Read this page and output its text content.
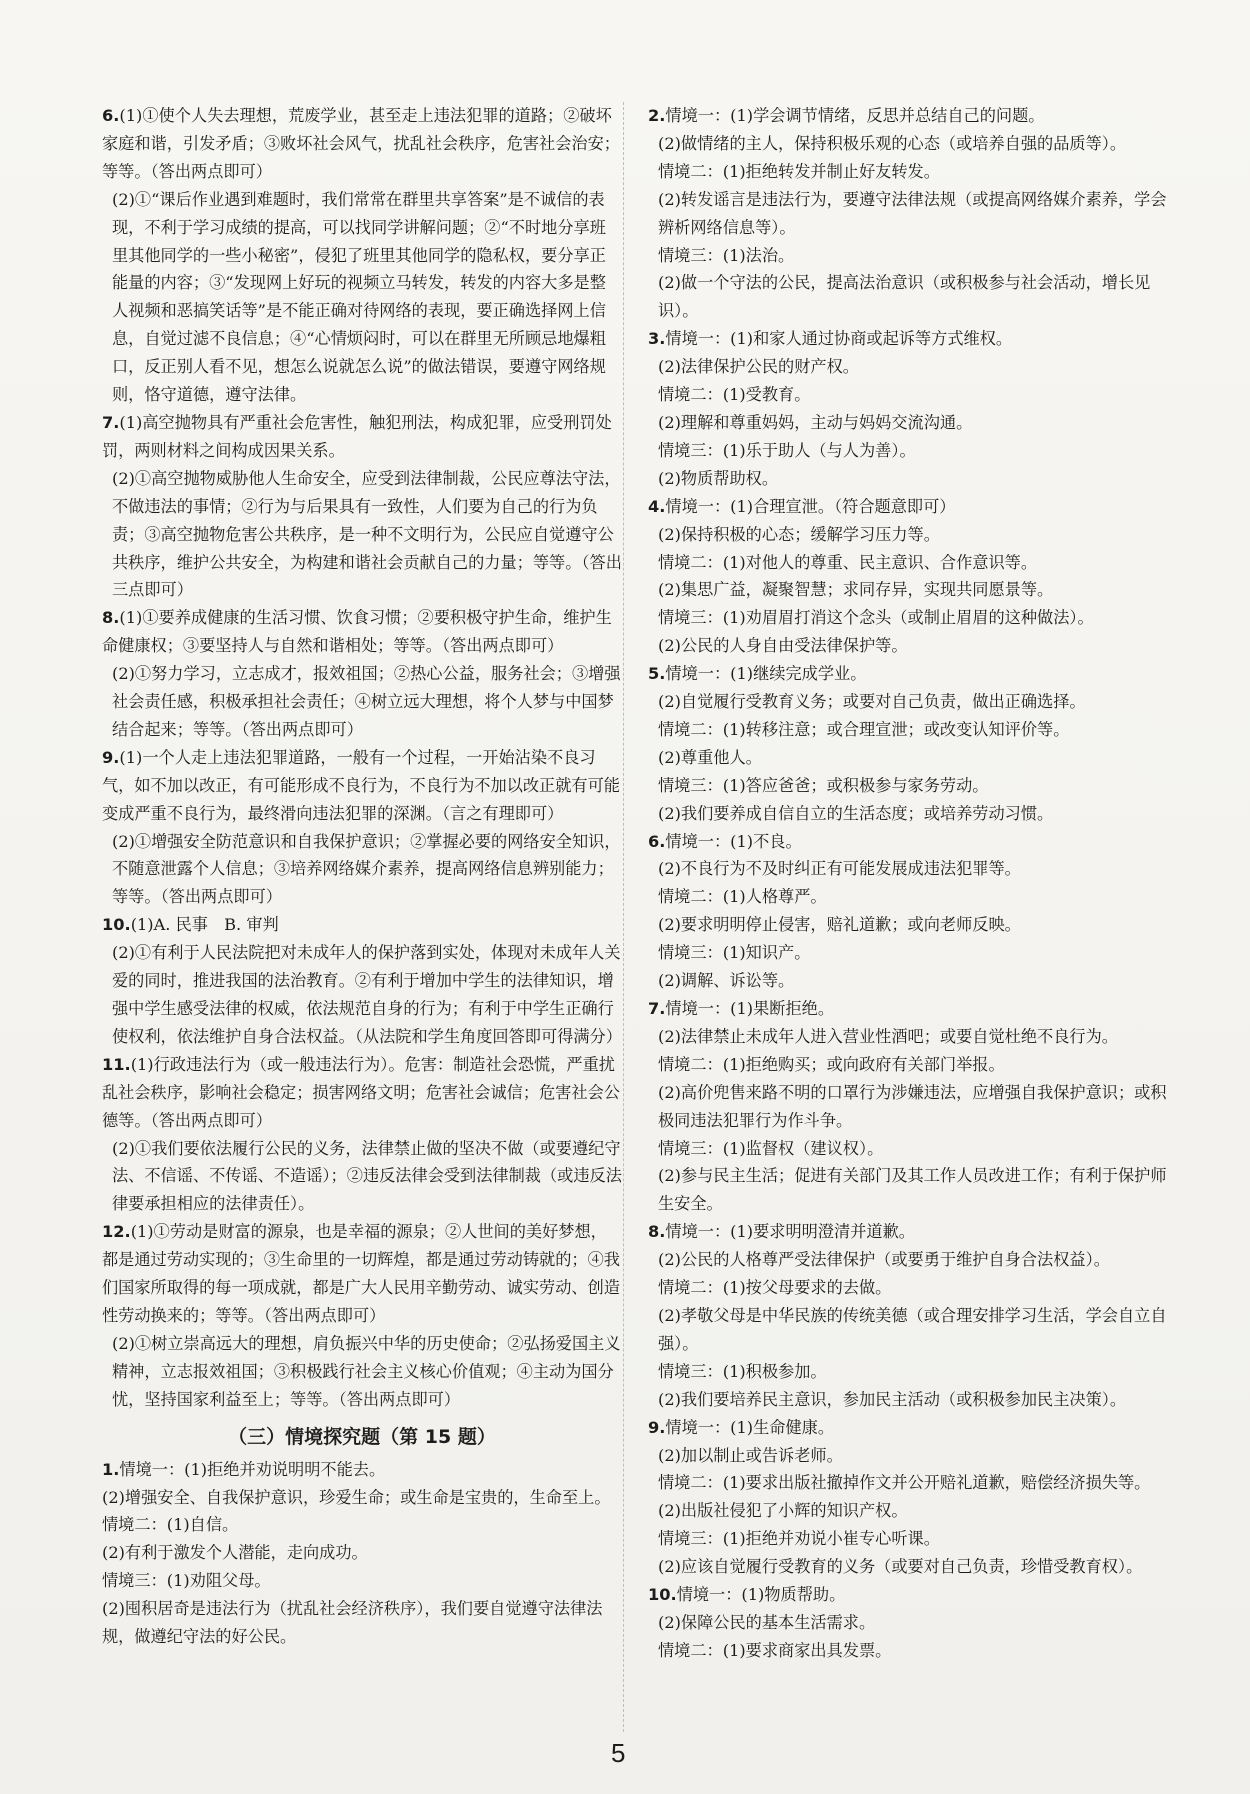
6.(1)①使个人失去理想，荒废学业，甚至走上违法犯罪的道路；②破坏家庭和谐，引发矛盾；③败坏社会风气，扰乱社会秩序，危害社会治安；等等。（答出两点即可）

(2)①“课后作业遇到难题时，我们常常在群里共享答案”是不诚信的表现，不利于学习成绩的提高，可以找同学讲解问题；②“不时地分享班里其他同学的一些小秘密”，侵犯了班里其他同学的隐私权，要分享正能量的内容；③“发现网上好玩的视频立马转发，转发的内容大多是整人视频和恶搞笑话等”是不能正确对待网络的表现，要正确选择网上信息，自觉过滤不良信息；④“心情烦闷时，可以在群里无所顾忌地爆粗口，反正别人看不见，想怎么说就怎么说”的做法错误，要遵守网络规则，恪守道德，遵守法律。

7.(1)高空抛物具有严重社会危害性，触犯刑法，构成犯罪，应受刑罚处罚，两则材料之间构成因果关系。

(2)①高空抛物威胁他人生命安全，应受到法律制裁，公民应尊法守法，不做违法的事情；②行为与后果具有一致性，人们要为自己的行为负责；③高空抛物危害公共秩序，是一种不文明行为，公民应自觉遵守公共秩序，维护公共安全，为构建和谐社会贡献自己的力量；等等。（答出三点即可）

8.(1)①要养成健康的生活习惯、饮食习惯；②要积极守护生命，维护生命健康权；③要坚持人与自然和谐相处；等等。（答出两点即可）

(2)①努力学习，立志成才，报效祖国；②热心公益，服务社会；③增强社会责任感，积极承担社会责任；④树立远大理想，将个人梦与中国梦结合起来；等等。（答出两点即可）

9.(1)一个人走上违法犯罪道路，一般有一个过程，一开始沾染不良习气，如不加以改正，有可能形成不良行为，不良行为不加以改正就有可能变成严重不良行为，最终滑向违法犯罪的深渊。（言之有理即可）

(2)①增强安全防范意识和自我保护意识；②掌握必要的网络安全知识，不随意泄露个人信息；③培养网络媒介素养，提高网络信息辨别能力；等等。（答出两点即可）

10.(1)A. 民事　B. 审判

(2)①有利于人民法院把对未成年人的保护落到实处，体现对未成年人关爱的同时，推进我国的法治教育。②有利于增加中学生的法律知识，增强中学生感受法律的权威，依法规范自身的行为；有利于中学生正确行使权利，依法维护自身合法权益。（从法院和学生角度回答即可得满分）

11.(1)行政违法行为（或一般违法行为）。危害：制造社会恐慌，严重扰乱社会秩序，影响社会稳定；损害网络文明；危害社会诚信；危害社会公德等。（答出两点即可）

(2)①我们要依法履行公民的义务，法律禁止做的坚决不做（或要遵纪守法、不信谣、不传谣、不造谣）；②违反法律会受到法律制裁（或违反法律要承担相应的法律责任）。

12.(1)①劳动是财富的源泉，也是幸福的源泉；②人世间的美好梦想，都是通过劳动实现的；③生命里的一切辉煌，都是通过劳动铸就的；④我们国家所取得的每一项成就，都是广大人民用辛勤劳动、诚实劳动、创造性劳动换来的；等等。（答出两点即可）

(2)①树立崇高远大的理想，肩负振兴中华的历史使命；②弘扬爱国主义精神，立志报效祖国；③积极践行社会主义核心价值观；④主动为国分忧，坚持国家利益至上；等等。（答出两点即可）

（三）情境探究题（第 15 题）

1.情境一：(1)拒绝并劝说明明不能去。

(2)增强安全、自我保护意识，珍爱生命；或生命是宝贵的，生命至上。

情境二：(1)自信。

(2)有利于激发个人潜能，走向成功。

情境三：(1)劝阻父母。

(2)囤积居奇是违法行为（扰乱社会经济秩序），我们要自觉遵守法律法规，做遵纪守法的好公民。

2.情境一：(1)学会调节情绪，反思并总结自己的问题。

(2)做情绪的主人，保持积极乐观的心态（或培养自强的品质等）。

情境二：(1)拒绝转发并制止好友转发。

(2)转发谣言是违法行为，要遵守法律法规（或提高网络媒介素养，学会辨析网络信息等）。

情境三：(1)法治。

(2)做一个守法的公民，提高法治意识（或积极参与社会活动，增长见识）。

3.情境一：(1)和家人通过协商或起诉等方式维权。

(2)法律保护公民的财产权。

情境二：(1)受教育。

(2)理解和尊重妈妈，主动与妈妈交流沟通。

情境三：(1)乐于助人（与人为善）。

(2)物质帮助权。

4.情境一：(1)合理宣泄。（符合题意即可）

(2)保持积极的心态；缓解学习压力等。

情境二：(1)对他人的尊重、民主意识、合作意识等。

(2)集思广益，凝聚智慧；求同存异，实现共同愿景等。

情境三：(1)劝眉眉打消这个念头（或制止眉眉的这种做法）。

(2)公民的人身自由受法律保护等。

5.情境一：(1)继续完成学业。

(2)自觉履行受教育义务；或要对自己负责，做出正确选择。

情境二：(1)转移注意；或合理宣泄；或改变认知评价等。

(2)尊重他人。

情境三：(1)答应爸爸；或积极参与家务劳动。

(2)我们要养成自信自立的生活态度；或培养劳动习惯。

6.情境一：(1)不良。

(2)不良行为不及时纠正有可能发展成违法犯罪等。

情境二：(1)人格尊严。

(2)要求明明停止侵害，赔礼道歉；或向老师反映。

情境三：(1)知识产。

(2)调解、诉讼等。

7.情境一：(1)果断拒绝。

(2)法律禁止未成年人进入营业性酒吧；或要自觉杜绝不良行为。

情境二：(1)拒绝购买；或向政府有关部门举报。

(2)高价兜售来路不明的口罩行为涉嫌违法，应增强自我保护意识；或积极同违法犯罪行为作斗争。

情境三：(1)监督权（建议权）。

(2)参与民主生活；促进有关部门及其工作人员改进工作；有利于保护师生安全。

8.情境一：(1)要求明明澄清并道歉。

(2)公民的人格尊严受法律保护（或要勇于维护自身合法权益）。

情境二：(1)按父母要求的去做。

(2)孝敬父母是中华民族的传统美德（或合理安排学习生活，学会自立自强）。

情境三：(1)积极参加。

(2)我们要培养民主意识，参加民主活动（或积极参加民主决策）。

9.情境一：(1)生命健康。

(2)加以制止或告诉老师。

情境二：(1)要求出版社撤掉作文并公开赔礼道歉，赔偿经济损失等。

(2)出版社侵犯了小辉的知识产权。

情境三：(1)拒绝并劝说小崔专心听课。

(2)应该自觉履行受教育的义务（或要对自己负责，珍惜受教育权）。

10.情境一：(1)物质帮助。

(2)保障公民的基本生活需求。

情境二：(1)要求商家出具发票。

5
